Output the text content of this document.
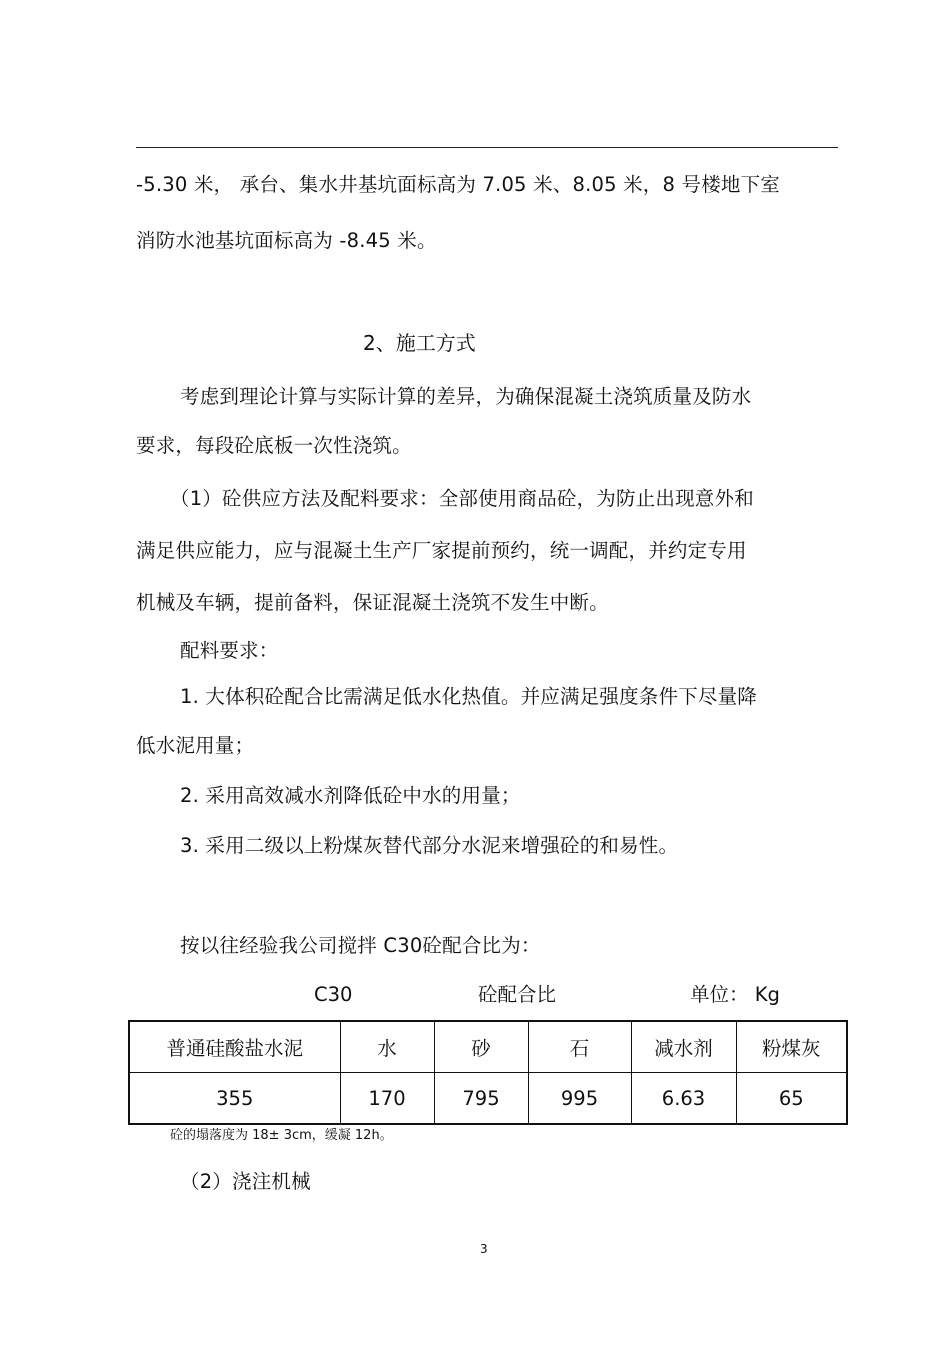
-5.30 米， 承台、集水井基坑面标高为 7.05 米、8.05 米，8 号楼地下室
消防水池基坑面标高为 -8.45 米。
2、施工方式
考虑到理论计算与实际计算的差异，为确保混凝土浇筑质量及防水
要求，每段砼底板一次性浇筑。
（1）砼供应方法及配料要求：全部使用商品砼，为防止出现意外和
满足供应能力，应与混凝土生产厂家提前预约，统一调配，并约定专用
机械及车辆，提前备料，保证混凝土浇筑不发生中断。
配料要求：
1. 大体积砼配合比需满足低水化热值。并应满足强度条件下尽量降
低水泥用量；
2. 采用高效减水剂降低砼中水的用量；
3. 采用二级以上粉煤灰替代部分水泥来增强砼的和易性。
按以往经验我公司搅拌 C30砼配合比为：
C30	砼配合比	单位： Kg
普通硅酸盐水泥	水	砂	石	减水剂	粉煤灰
355	170	795	995	6.63	65
砼的塌落度为 18± 3cm，缓凝 12h。
（2）浇注机械
3
